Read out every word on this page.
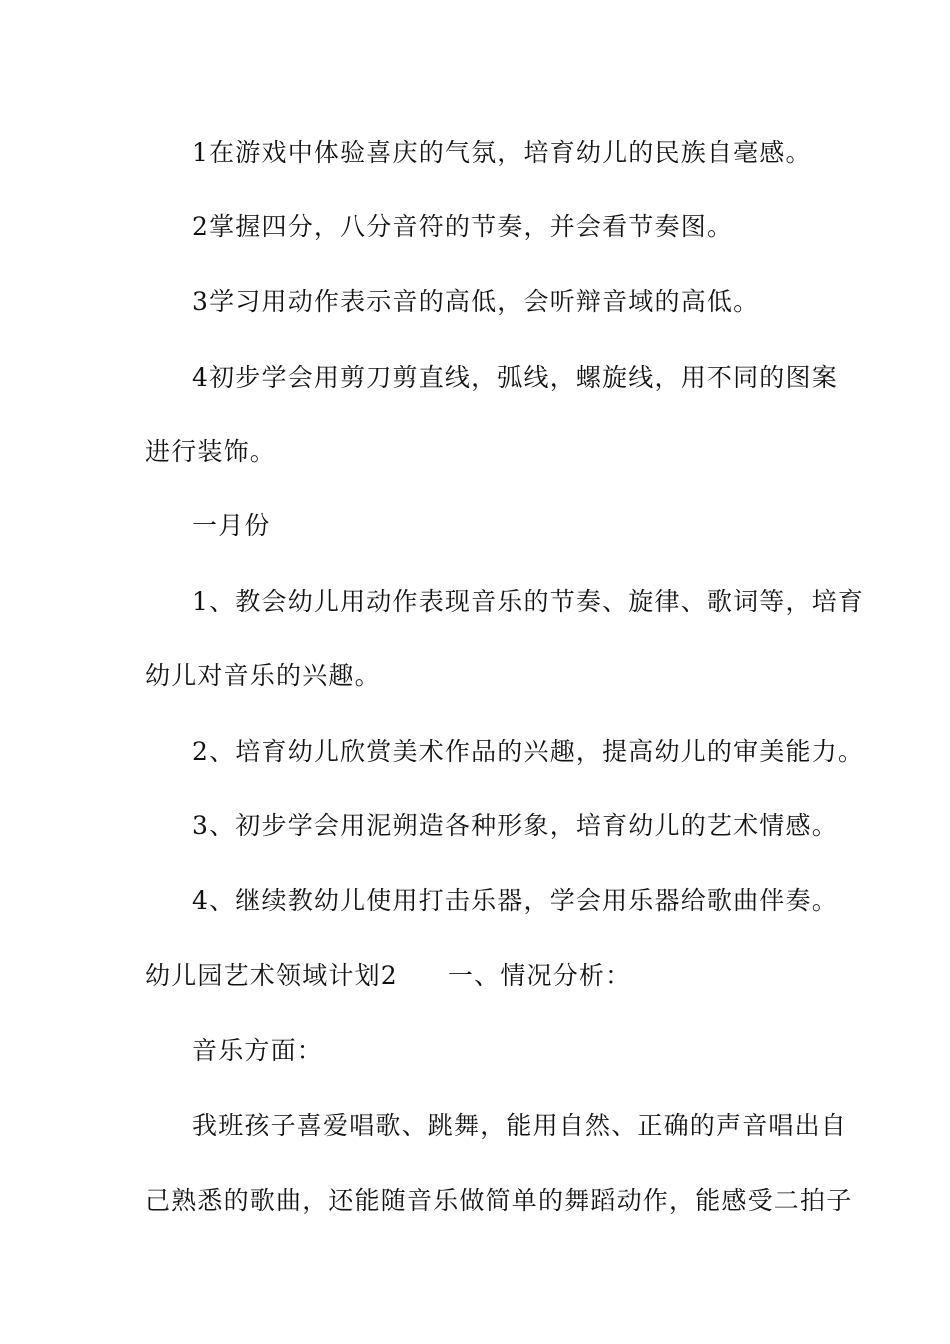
1在游戏中体验喜庆的气氛，培育幼儿的民族自毫感。
2掌握四分，八分音符的节奏，并会看节奏图。
3学习用动作表示音的高低，会听辩音域的高低。
4初步学会用剪刀剪直线，弧线，螺旋线，用不同的图案
进行装饰。
一月份
1、教会幼儿用动作表现音乐的节奏、旋律、歌词等，培育
幼儿对音乐的兴趣。
2、培育幼儿欣赏美术作品的兴趣，提高幼儿的审美能力。
3、初步学会用泥朔造各种形象，培育幼儿的艺术情感。
4、继续教幼儿使用打击乐器，学会用乐器给歌曲伴奏。
幼儿园艺术领域计划2 一、情况分析：
音乐方面：
我班孩子喜爱唱歌、跳舞，能用自然、正确的声音唱出自
己熟悉的歌曲，还能随音乐做简单的舞蹈动作，能感受二拍子
